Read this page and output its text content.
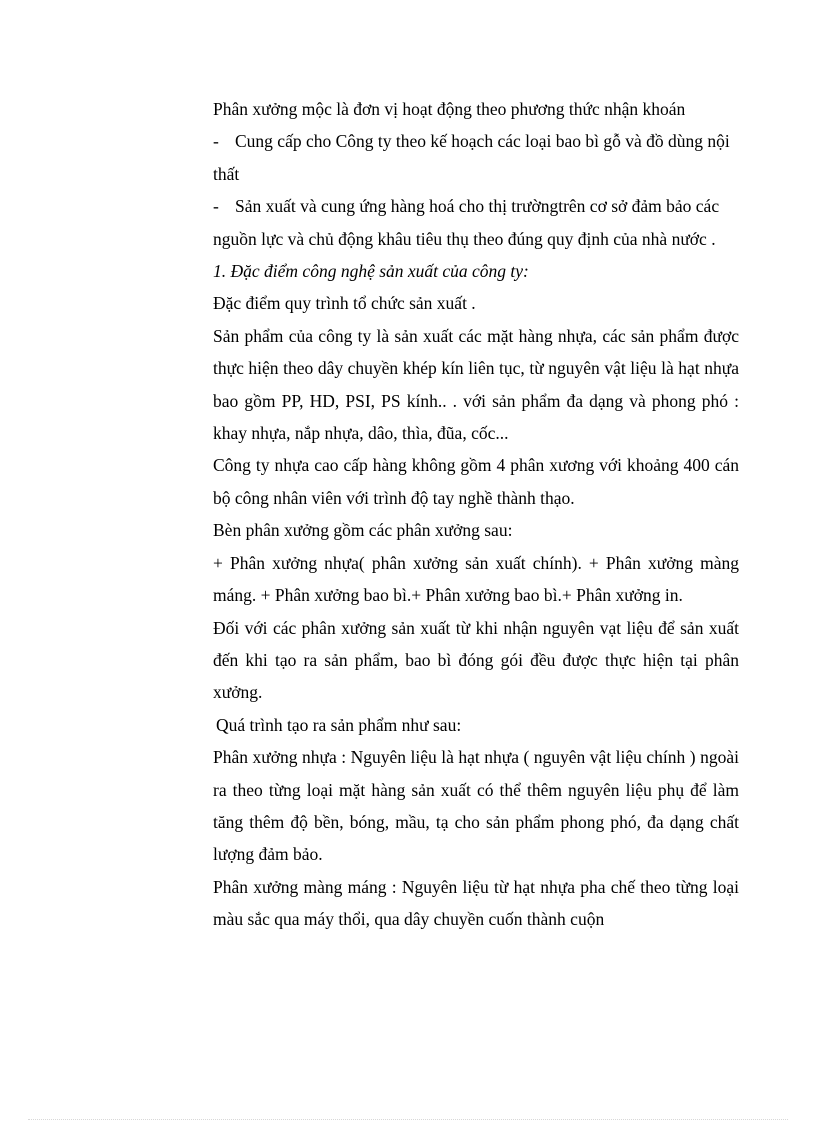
Phân xưởng mộc là đơn vị hoạt động theo phương thức nhận khoán

- Cung cấp cho Công ty theo kế hoạch các loại bao bì gỗ và đồ dùng nội thất

- Sản xuất và cung ứng hàng hoá cho thị trườngtrên cơ sở đảm bảo các nguồn lực và chủ động khâu tiêu thụ theo đúng quy định của nhà nước .

1. Đặc điểm công nghệ sản xuất của công ty:

Đặc điểm quy trình tổ chức sản xuất .

Sản phẩm của công ty là sản xuất các mặt hàng nhựa, các sản phẩm được thực hiện theo dây chuyền khép kín liên tục, từ nguyên vật liệu là hạt nhựa bao gồm PP, HD, PSI, PS kính.. . với sản phẩm đa dạng và phong phó : khay nhựa, nắp nhựa, dâo, thìa, đũa, cốc...

Công ty nhựa cao cấp hàng không gồm 4 phân xương với khoảng 400 cán bộ công nhân viên với trình độ tay nghề thành thạo.

Bèn phân xưởng gồm các phân xưởng sau:

+ Phân xưởng nhựa( phân xưởng sản xuất chính). + Phân xưởng màng máng. + Phân xưởng bao bì.+ Phân xưởng bao bì.+ Phân xưởng in.

Đối với các phân xưởng sản xuất từ khi nhận nguyên vạt liệu để sản xuất đến khi tạo ra sản phẩm, bao bì đóng gói đều được thực hiện tại phân xưởng.

Quá trình tạo ra sản phẩm như sau:

Phân xưởng nhựa : Nguyên liệu là hạt nhựa ( nguyên vật liệu chính ) ngoài ra theo từng loại mặt hàng sản xuất có thể thêm nguyên liệu phụ để làm tăng thêm độ bền, bóng, mầu, tạ cho sản phẩm phong phó, đa dạng chất lượng đảm bảo.

Phân xưởng màng máng : Nguyên liệu từ hạt nhựa pha chế theo từng loại màu sắc qua máy thổi, qua dây chuyền cuốn thành cuộn
